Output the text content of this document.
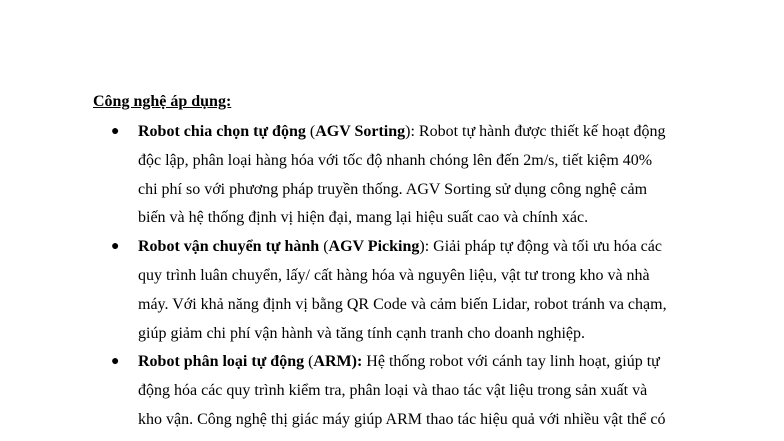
Công nghệ áp dụng:
● Robot chia chọn tự động (AGV Sorting): Robot tự hành được thiết kế hoạt động
độc lập, phân loại hàng hóa với tốc độ nhanh chóng lên đến 2m/s, tiết kiệm 40%
chi phí so với phương pháp truyền thống. AGV Sorting sử dụng công nghệ cảm
biến và hệ thống định vị hiện đại, mang lại hiệu suất cao và chính xác.
● Robot vận chuyển tự hành (AGV Picking): Giải pháp tự động và tối ưu hóa các
quy trình luân chuyển, lấy/ cất hàng hóa và nguyên liệu, vật tư trong kho và nhà
máy. Với khả năng định vị bằng QR Code và cảm biến Lidar, robot tránh va chạm,
giúp giảm chi phí vận hành và tăng tính cạnh tranh cho doanh nghiệp.
● Robot phân loại tự động (ARM): Hệ thống robot với cánh tay linh hoạt, giúp tự
động hóa các quy trình kiểm tra, phân loại và thao tác vật liệu trong sản xuất và
kho vận. Công nghệ thị giác máy giúp ARM thao tác hiệu quả với nhiều vật thể có
